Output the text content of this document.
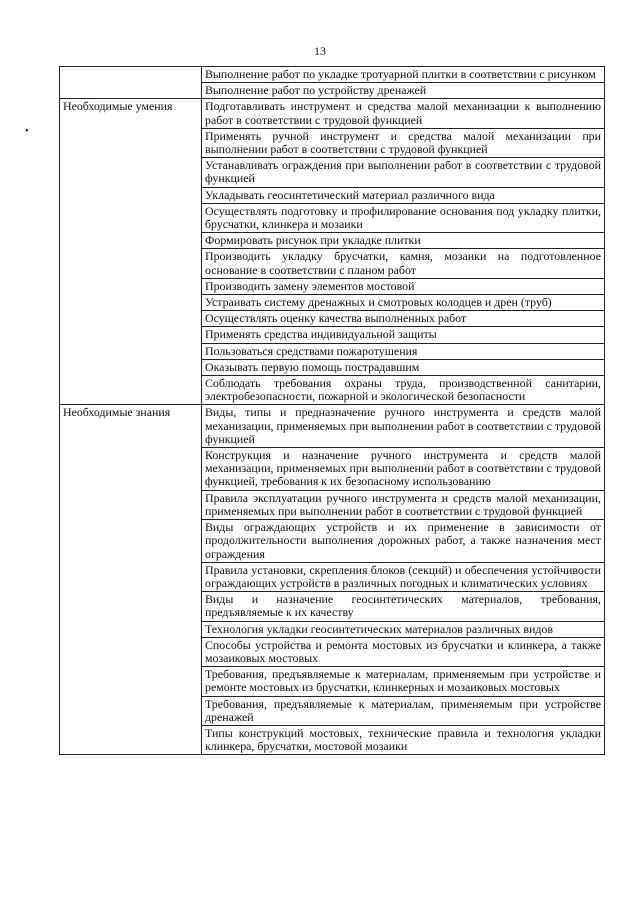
13
•
	Выполнение работ по укладке тротуарной плитки в соответствии с рисунком
	Выполнение работ по устройству дренажей
Необходимые умения	Подготавливать инструмент и средства малой механизации к выполнению работ в соответствии с трудовой функцией
	Применять ручной инструмент и средства малой механизации при выполнении работ в соответствии с трудовой функцией
	Устанавливать ограждения при выполнении работ в соответствии с трудовой функцией
	Укладывать геосинтетический материал различного вида
	Осуществлять подготовку и профилирование основания под укладку плитки, брусчатки, клинкера и мозаики
	Формировать рисунок при укладке плитки
	Производить укладку брусчатки, камня, мозаики на подготовленное основание в соответствии с планом работ
	Производить замену элементов мостовой
	Устраивать систему дренажных и смотровых колодцев и дрен (труб)
	Осуществлять оценку качества выполненных работ
	Применять средства индивидуальной защиты
	Пользоваться средствами пожаротушения
	Оказывать первую помощь пострадавшим
	Соблюдать требования охраны труда, производственной санитарии, электробезопасности, пожарной и экологической безопасности
Необходимые знания	Виды, типы и предназначение ручного инструмента и средств малой механизации, применяемых при выполнении работ в соответствии с трудовой функцией
	Конструкция и назначение ручного инструмента и средств малой механизации, применяемых при выполнении работ в соответствии с трудовой функцией, требования к их безопасному использованию
	Правила эксплуатации ручного инструмента и средств малой механизации, применяемых при выполнении работ в соответствии с трудовой функцией
	Виды ограждающих устройств и их применение в зависимости от продолжительности выполнения дорожных работ, а также назначения мест ограждения
	Правила установки, скрепления блоков (секций) и обеспечения устойчивости ограждающих устройств в различных погодных и климатических условиях
	Виды и назначение геосинтетических материалов, требования, предъявляемые к их качеству
	Технология укладки геосинтетических материалов различных видов
	Способы устройства и ремонта мостовых из брусчатки и клинкера, а также мозаиковых мостовых
	Требования, предъявляемые к материалам, применяемым при устройстве и ремонте мостовых из брусчатки, клинкерных и мозаиковых мостовых
	Требования, предъявляемые к материалам, применяемым при устройстве дренажей
	Типы конструкций мостовых, технические правила и технология укладки клинкера, брусчатки, мостовой мозаики
